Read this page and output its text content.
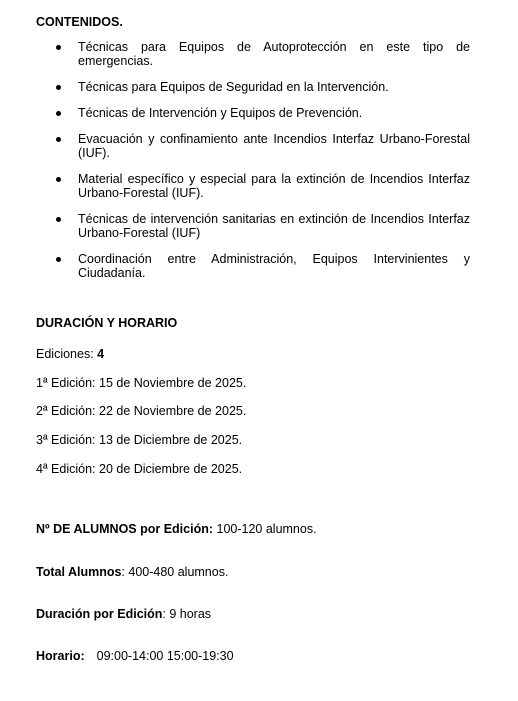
CONTENIDOS.
Técnicas para Equipos de Autoprotección en este tipo de emergencias.
Técnicas para Equipos de Seguridad en la Intervención.
Técnicas de Intervención y Equipos de Prevención.
Evacuación y confinamiento ante Incendios Interfaz Urbano-Forestal (IUF).
Material específico y especial para la extinción de Incendios Interfaz Urbano-Forestal (IUF).
Técnicas de intervención sanitarias en extinción de Incendios Interfaz Urbano-Forestal (IUF)
Coordinación entre Administración, Equipos Intervinientes y Ciudadanía.
DURACIÓN Y HORARIO
Ediciones: 4
1ª Edición: 15 de Noviembre de 2025.
2ª Edición: 22 de Noviembre de 2025.
3ª Edición: 13 de Diciembre de 2025.
4ª Edición: 20 de Diciembre de 2025.
Nº DE ALUMNOS por Edición: 100-120 alumnos.
Total Alumnos: 400-480 alumnos.
Duración por Edición: 9 horas
Horario: 09:00-14:00 15:00-19:30
